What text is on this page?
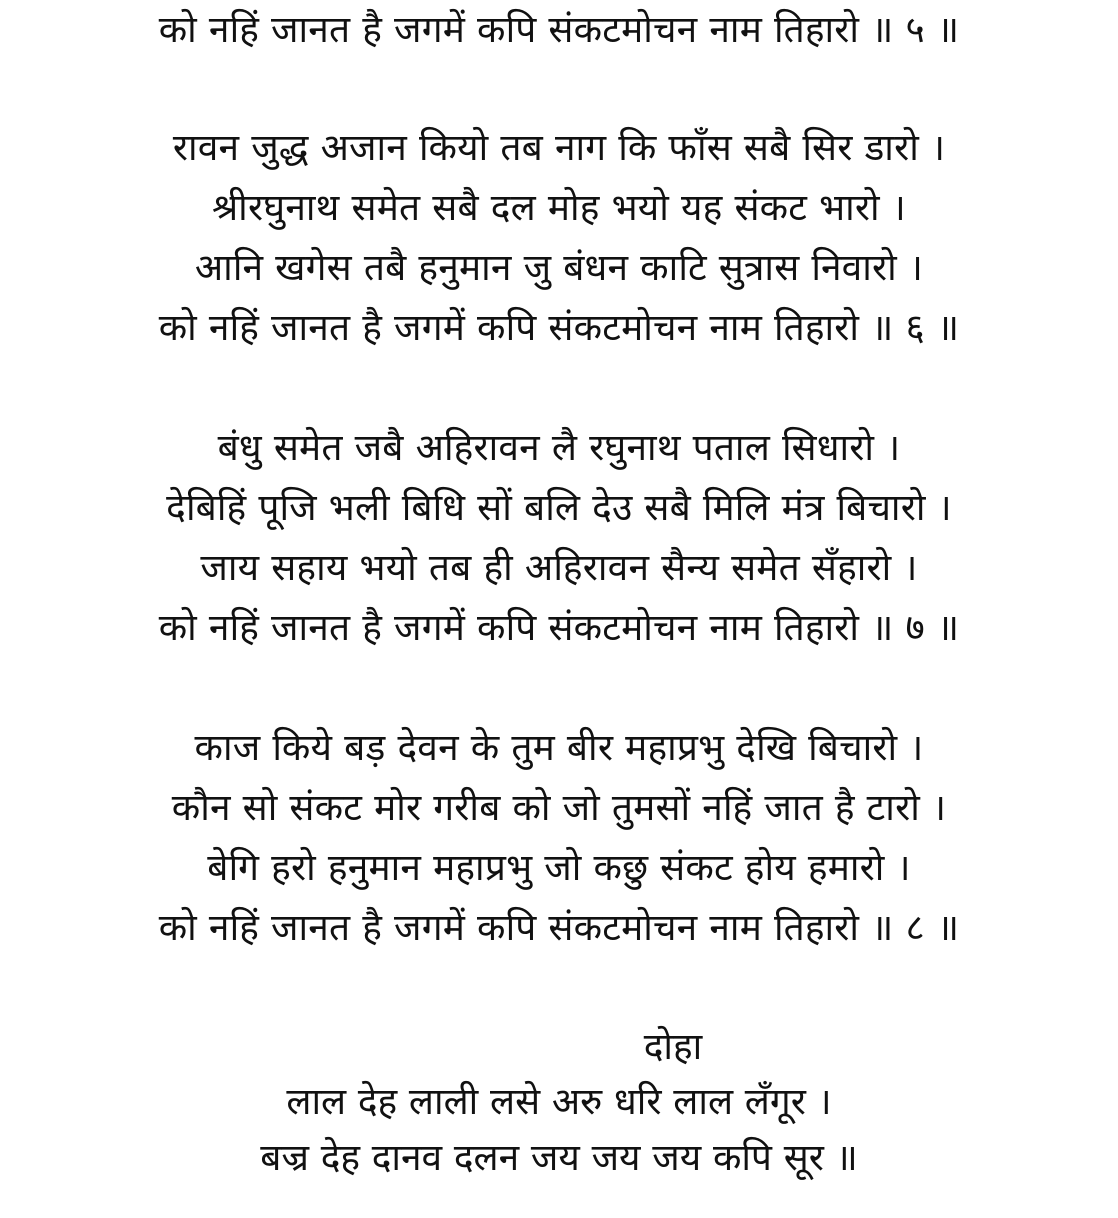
को नहिं जानत है जगमें कपि संकटमोचन नाम तिहारो ॥ ५ ॥
रावन जुद्ध अजान कियो तब नाग कि फाँस सबै सिर डारो ।
श्रीरघुनाथ समेत सबै दल मोह भयो यह संकट भारो ।
आनि खगेस तबै हनुमान जु बंधन काटि सुत्रास निवारो ।
को नहिं जानत है जगमें कपि संकटमोचन नाम तिहारो ॥ ६ ॥
बंधु समेत जबै अहिरावन लै रघुनाथ पताल सिधारो ।
देबिहिं पूजि भली बिधि सों बलि देउ सबै मिलि मंत्र बिचारो ।
जाय सहाय भयो तब ही अहिरावन सैन्य समेत सँहारो ।
को नहिं जानत है जगमें कपि संकटमोचन नाम तिहारो ॥ ७ ॥
काज किये बड़ देवन के तुम बीर महाप्रभु देखि बिचारो ।
कौन सो संकट मोर गरीब को जो तुमसों नहिं जात है टारो ।
बेगि हरो हनुमान महाप्रभु जो कछु संकट होय हमारो ।
को नहिं जानत है जगमें कपि संकटमोचन नाम तिहारो ॥ ८ ॥
दोहा
लाल देह लाली लसे अरु धरि लाल लँगूर ।
बज्र देह दानव दलन जय जय जय कपि सूर ॥
